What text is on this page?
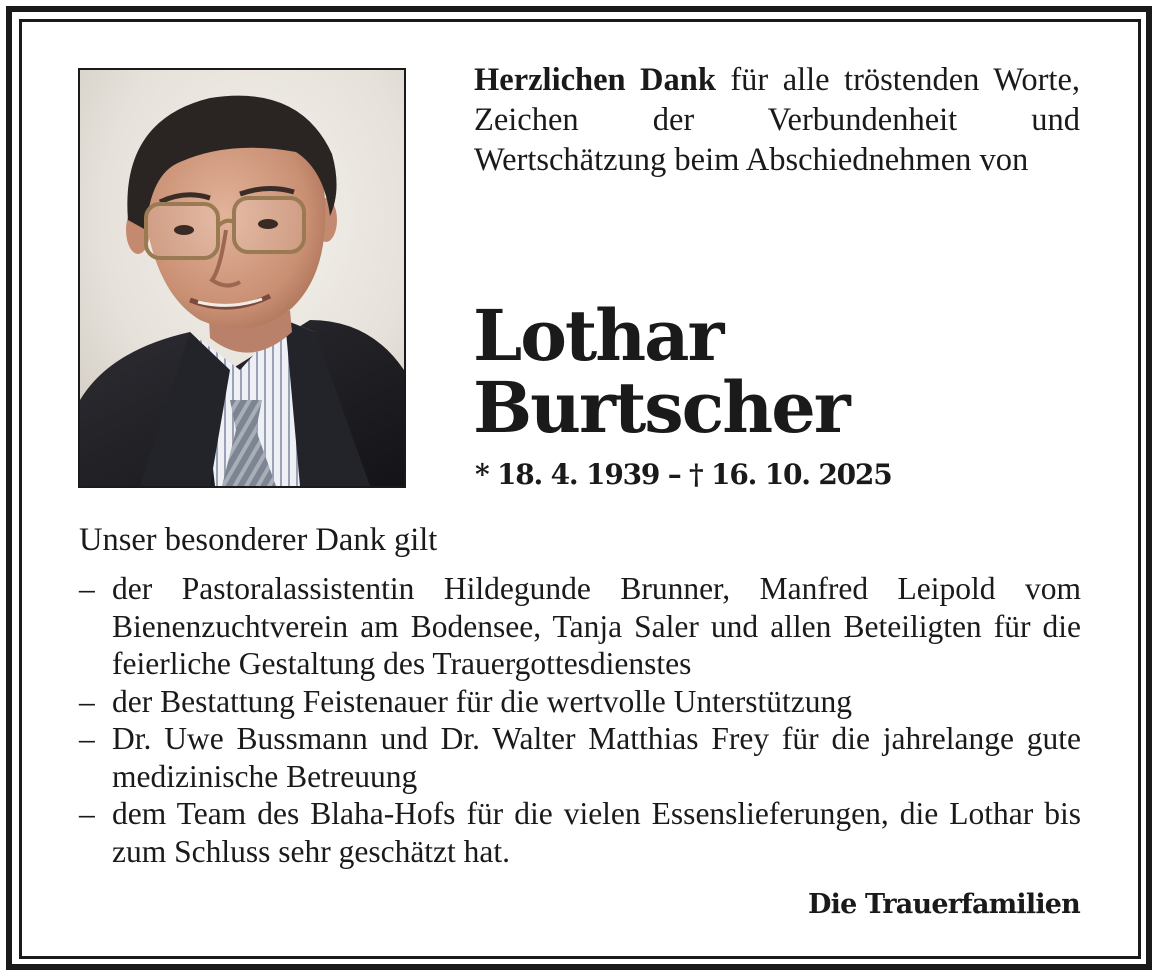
Herzlichen Dank für alle tröstenden Worte, Zeichen der Verbundenheit und Wertschätzung beim Abschiednehmen von

Lothar
Burtscher

* 18. 4. 1939 – † 16. 10. 2025

Unser besonderer Dank gilt

– der Pastoralassistentin Hildegunde Brunner, Manfred Leipold vom Bienenzuchtverein am Bodensee, Tanja Saler und allen Beteiligten für die feierliche Gestaltung des Trauergottesdienstes
– der Bestattung Feistenauer für die wertvolle Unterstützung
– Dr. Uwe Bussmann und Dr. Walter Matthias Frey für die jahrelange gute medizinische Betreuung
– dem Team des Blaha-Hofs für die vielen Essenslieferungen, die Lothar bis zum Schluss sehr geschätzt hat.

Die Trauerfamilien
